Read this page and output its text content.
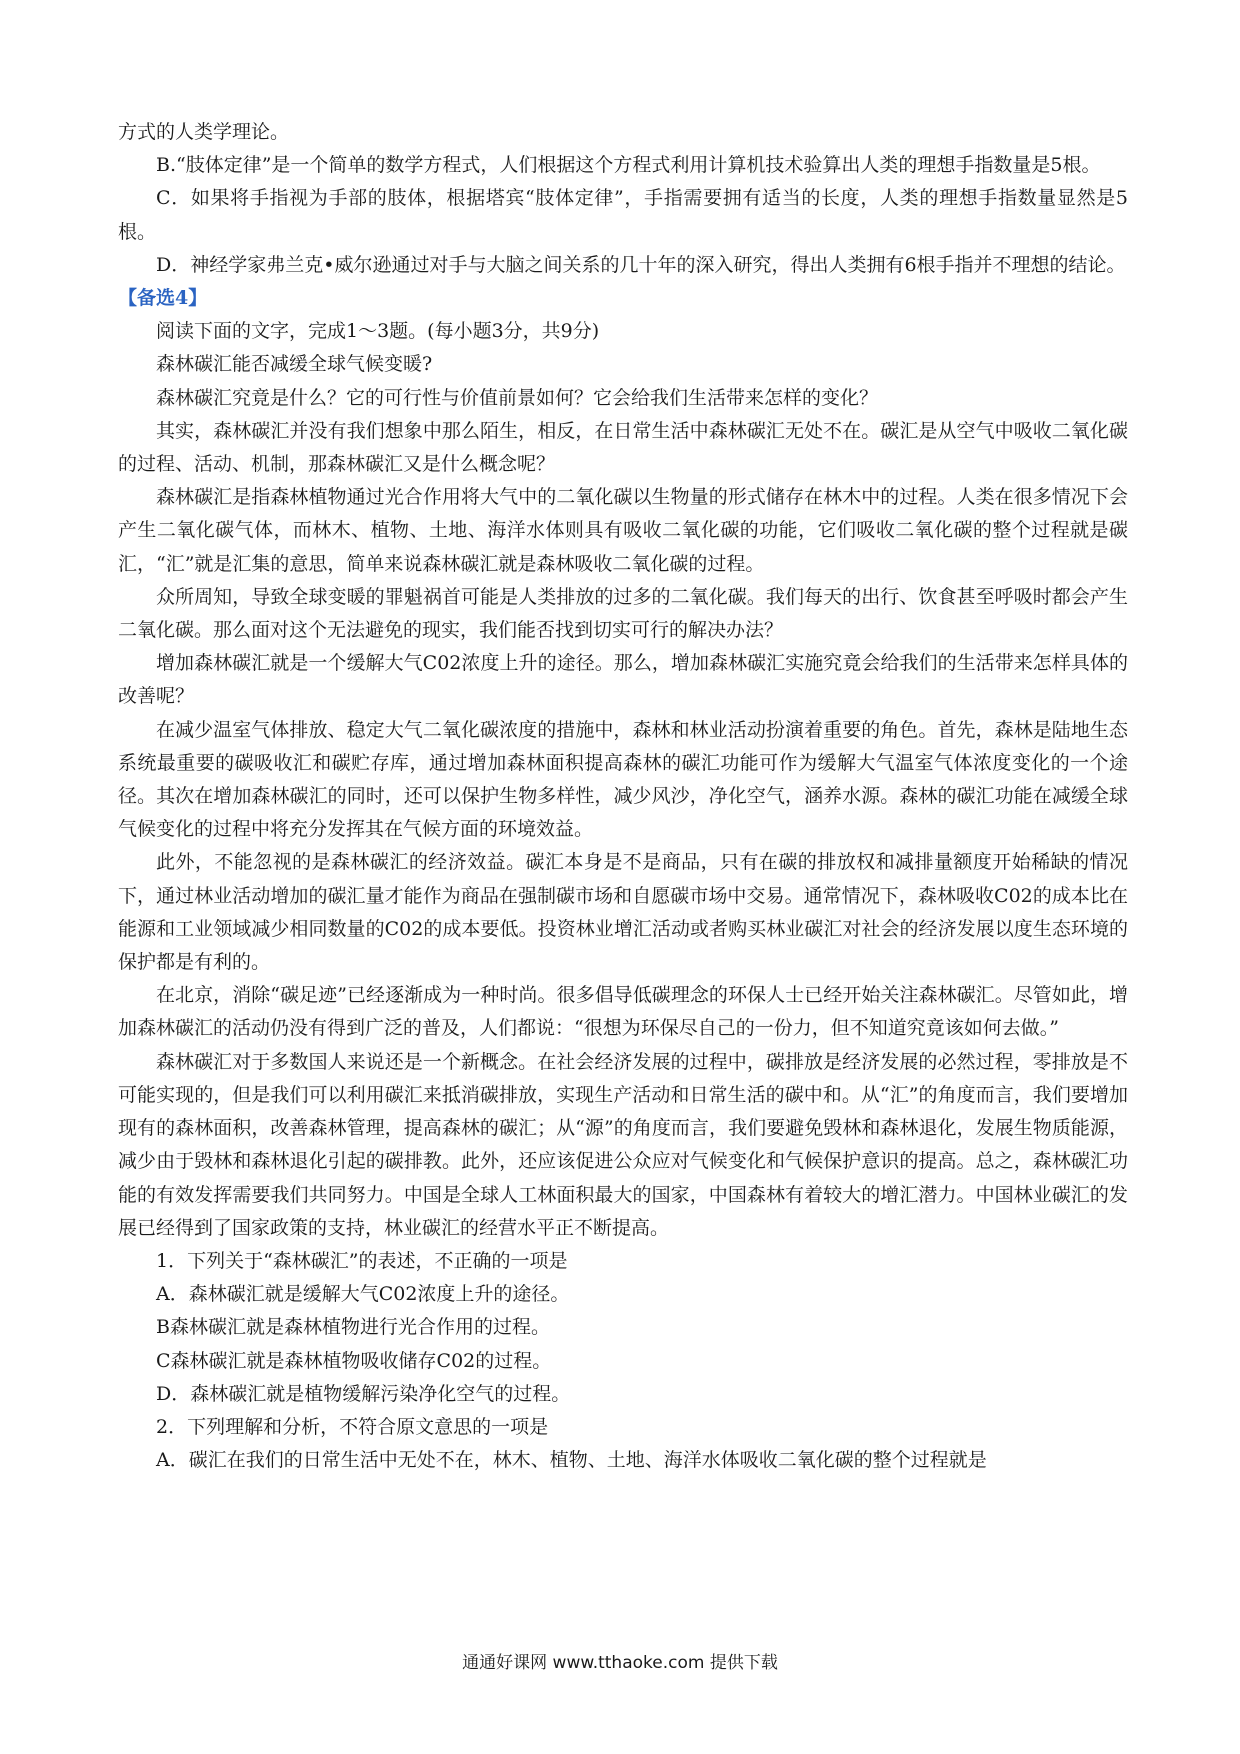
方式的人类学理论。

B.“肢体定律”是一个简单的数学方程式，人们根据这个方程式利用计算机技术验算出人类的理想手指数量是5根。

C．如果将手指视为手部的肢体，根据塔宾“肢体定律”，手指需要拥有适当的长度，人类的理想手指数量显然是5根。

D．神经学家弗兰克•威尔逊通过对手与大脑之间关系的几十年的深入研究，得出人类拥有6根手指并不理想的结论。

【备选4】

阅读下面的文字，完成1～3题。(每小题3分，共9分)

森林碳汇能否减缓全球气候变暖?

森林碳汇究竟是什么？它的可行性与价值前景如何？它会给我们生活带来怎样的变化？

其实，森林碳汇并没有我们想象中那么陌生，相反，在日常生活中森林碳汇无处不在。碳汇是从空气中吸收二氧化碳的过程、活动、机制，那森林碳汇又是什么概念呢？

森林碳汇是指森林植物通过光合作用将大气中的二氧化碳以生物量的形式储存在林木中的过程。人类在很多情况下会产生二氧化碳气体，而林木、植物、土地、海洋水体则具有吸收二氧化碳的功能，它们吸收二氧化碳的整个过程就是碳汇，“汇”就是汇集的意思，简单来说森林碳汇就是森林吸收二氧化碳的过程。

众所周知，导致全球变暖的罪魁祸首可能是人类排放的过多的二氧化碳。我们每天的出行、饮食甚至呼吸时都会产生二氧化碳。那么面对这个无法避免的现实，我们能否找到切实可行的解决办法？

增加森林碳汇就是一个缓解大气C02浓度上升的途径。那么，增加森林碳汇实施究竟会给我们的生活带来怎样具体的改善呢？

在减少温室气体排放、稳定大气二氧化碳浓度的措施中，森林和林业活动扮演着重要的角色。首先，森林是陆地生态系统最重要的碳吸收汇和碳贮存库，通过增加森林面积提高森林的碳汇功能可作为缓解大气温室气体浓度变化的一个途径。其次在增加森林碳汇的同时，还可以保护生物多样性，减少风沙，净化空气，涵养水源。森林的碳汇功能在减缓全球气候变化的过程中将充分发挥其在气候方面的环境效益。

此外，不能忽视的是森林碳汇的经济效益。碳汇本身是不是商品，只有在碳的排放权和减排量额度开始稀缺的情况下，通过林业活动增加的碳汇量才能作为商品在强制碳市场和自愿碳市场中交易。通常情况下，森林吸收C02的成本比在能源和工业领域减少相同数量的C02的成本要低。投资林业增汇活动或者购买林业碳汇对社会的经济发展以度生态环境的保护都是有利的。

在北京，消除“碳足迹”已经逐渐成为一种时尚。很多倡导低碳理念的环保人士已经开始关注森林碳汇。尽管如此，增加森林碳汇的活动仍没有得到广泛的普及，人们都说：“很想为环保尽自己的一份力，但不知道究竟该如何去做。”

森林碳汇对于多数国人来说还是一个新概念。在社会经济发展的过程中，碳排放是经济发展的必然过程，零排放是不可能实现的，但是我们可以利用碳汇来抵消碳排放，实现生产活动和日常生活的碳中和。从“汇”的角度而言，我们要增加现有的森林面积，改善森林管理，提高森林的碳汇；从“源”的角度而言，我们要避免毁林和森林退化，发展生物质能源，减少由于毁林和森林退化引起的碳排教。此外，还应该促进公众应对气候变化和气候保护意识的提高。总之，森林碳汇功能的有效发挥需要我们共同努力。中国是全球人工林面积最大的国家，中国森林有着较大的增汇潜力。中国林业碳汇的发展已经得到了国家政策的支持，林业碳汇的经营水平正不断提高。

1．下列关于“森林碳汇”的表述，不正确的一项是

A．森林碳汇就是缓解大气C02浓度上升的途径。

B森林碳汇就是森林植物进行光合作用的过程。

C森林碳汇就是森林植物吸收储存C02的过程。

D．森林碳汇就是植物缓解污染净化空气的过程。

2．下列理解和分析，不符合原文意思的一项是

A．碳汇在我们的日常生活中无处不在，林木、植物、土地、海洋水体吸收二氧化碳的整个过程就是

通通好课网 www.tthaoke.com 提供下载
